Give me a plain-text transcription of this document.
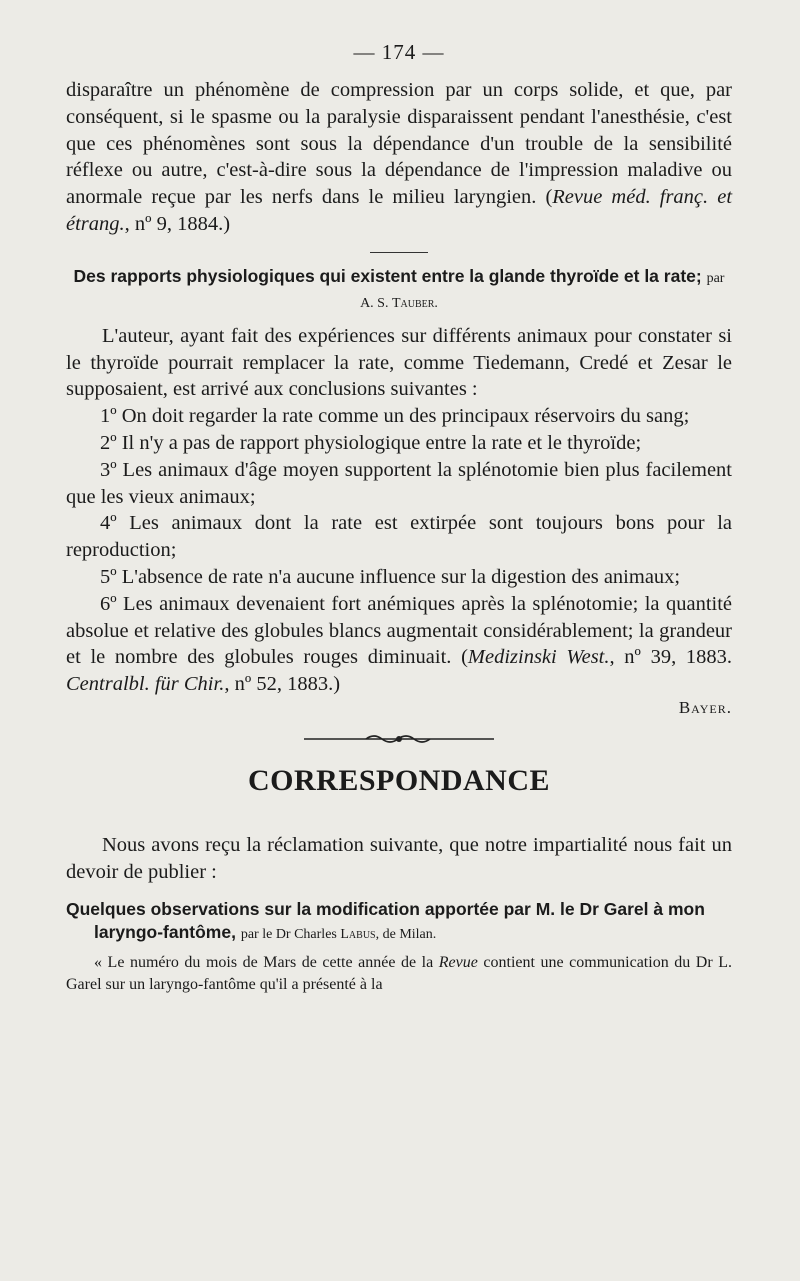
— 174 —

disparaître un phénomène de compression par un corps solide, et que, par conséquent, si le spasme ou la paralysie disparaissent pendant l'anesthésie, c'est que ces phénomènes sont sous la dépendance d'un trouble de la sensibilité réflexe ou autre, c'est-à-dire sous la dépendance de l'impression maladive ou anormale reçue par les nerfs dans le milieu laryngien. (Revue méd. franç. et étrang., nº 9, 1884.)

Des rapports physiologiques qui existent entre la glande thyroïde et la rate; par A. S. Tauber.

L'auteur, ayant fait des expériences sur différents animaux pour constater si le thyroïde pourrait remplacer la rate, comme Tiedemann, Credé et Zesar le supposaient, est arrivé aux conclusions suivantes :

1º On doit regarder la rate comme un des principaux réservoirs du sang;

2º Il n'y a pas de rapport physiologique entre la rate et le thyroïde;

3º Les animaux d'âge moyen supportent la splénotomie bien plus facilement que les vieux animaux;

4º Les animaux dont la rate est extirpée sont toujours bons pour la reproduction;

5º L'absence de rate n'a aucune influence sur la digestion des animaux;

6º Les animaux devenaient fort anémiques après la splénotomie; la quantité absolue et relative des globules blancs augmentait considérablement; la grandeur et le nombre des globules rouges diminuait. (Medizinski West., nº 39, 1883. Centralbl. für Chir., nº 52, 1883.)

Bayer.
CORRESPONDANCE

Nous avons reçu la réclamation suivante, que notre impartialité nous fait un devoir de publier :

Quelques observations sur la modification apportée par M. le Dr Garel à mon laryngo-fantôme, par le Dr Charles Labus, de Milan.

« Le numéro du mois de Mars de cette année de la Revue contient une communication du Dr L. Garel sur un laryngo-fantôme qu'il a présenté à la
